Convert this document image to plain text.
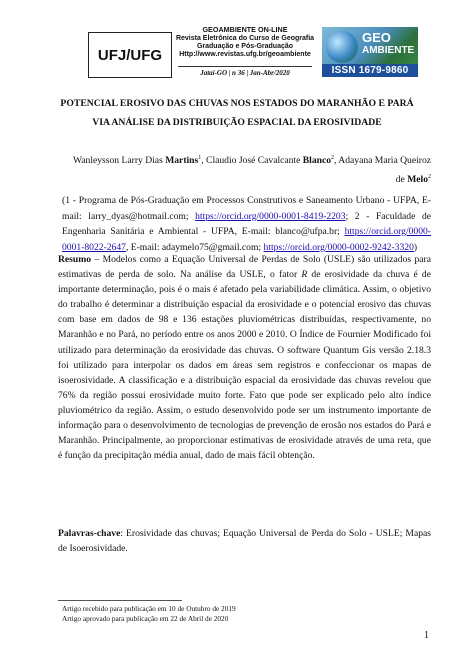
UFJ/UFG
GEOAMBIENTE ON-LINE
Revista Eletrônica do Curso de Geografia
Graduação e Pós-Graduação
Http://www.revistas.ufg.br/geoambiente
Jataí-GO | n 36 | Jan-Abr/2020
GEO
AMBIENTE
ISSN 1679-9860
POTENCIAL EROSIVO DAS CHUVAS NOS ESTADOS DO MARANHÃO E PARÁ
VIA ANÁLISE DA DISTRIBUIÇÃO ESPACIAL DA EROSIVIDADE
Wanleysson Larry Dias Martins$^1$, Claudio José Cavalcante Blanco$^2$, Adayana Maria Queiroz
de Melo$^2$
(1 - Programa de Pós-Graduação em Processos Construtivos e Saneamento Urbano - UFPA, E-mail: larry_dyas@hotmail.com; https://orcid.org/0000-0001-8419-2203; 2 - Faculdade de Engenharia Sanitária e Ambiental - UFPA, E-mail: blanco@ufpa.br; https://orcid.org/0000-0001-8022-2647, E-mail: adaymelo75@gmail.com; https://orcid.org/0000-0002-9242-3320)
Resumo – Modelos como a Equação Universal de Perdas de Solo (USLE) são utilizados para estimativas de perda de solo. Na análise da USLE, o fator R de erosividade da chuva é de importante determinação, pois é o mais é afetado pela variabilidade climática. Assim, o objetivo do trabalho é determinar a distribuição espacial da erosividade e o potencial erosivo das chuvas com base em dados de 98 e 136 estações pluviométricas distribuídas, respectivamente, no Maranhão e no Pará, no período entre os anos 2000 e 2010. O Índice de Fournier Modificado foi utilizado para determinação da erosividade das chuvas. O software Quantum Gis versão 2.18.3 foi utilizado para interpolar os dados em áreas sem registros e confeccionar os mapas de isoerosividade. A classificação e a distribuição espacial da erosividade das chuvas revelou que 76% da região possui erosividade muito forte. Fato que pode ser explicado pelo alto índice pluviométrico da região. Assim, o estudo desenvolvido pode ser um instrumento importante de informação para o desenvolvimento de tecnologias de prevenção de erosão nos estados do Pará e Maranhão. Principalmente, ao proporcionar estimativas de erosividade através de uma reta, que é função da precipitação média anual, dado de mais fácil obtenção.
Palavras-chave: Erosividade das chuvas; Equação Universal de Perda do Solo - USLE; Mapas de Isoerosividade.
Artigo recebido para publicação em 10 de Outubro de 2019
Artigo aprovado para publicação em 22 de Abril de 2020
1
